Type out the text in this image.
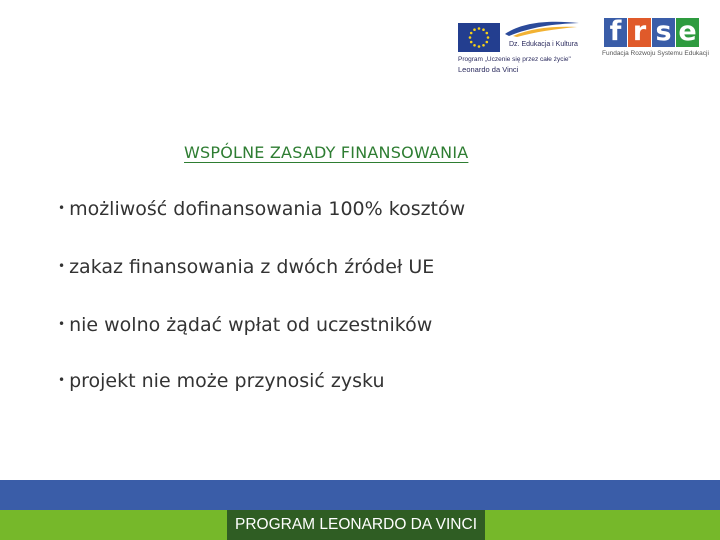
Dz. Edukacja i Kultura
Program „Uczenie się przez całe życie"
Leonardo da Vinci
f r s e
Fundacja Rozwoju Systemu Edukacji
WSPÓLNE ZASADY FINANSOWANIA
• możliwość dofinansowania 100% kosztów
• zakaz finansowania z dwóch źródeł UE
• nie wolno żądać wpłat od uczestników
• projekt nie może przynosić zysku
PROGRAM LEONARDO DA VINCI
